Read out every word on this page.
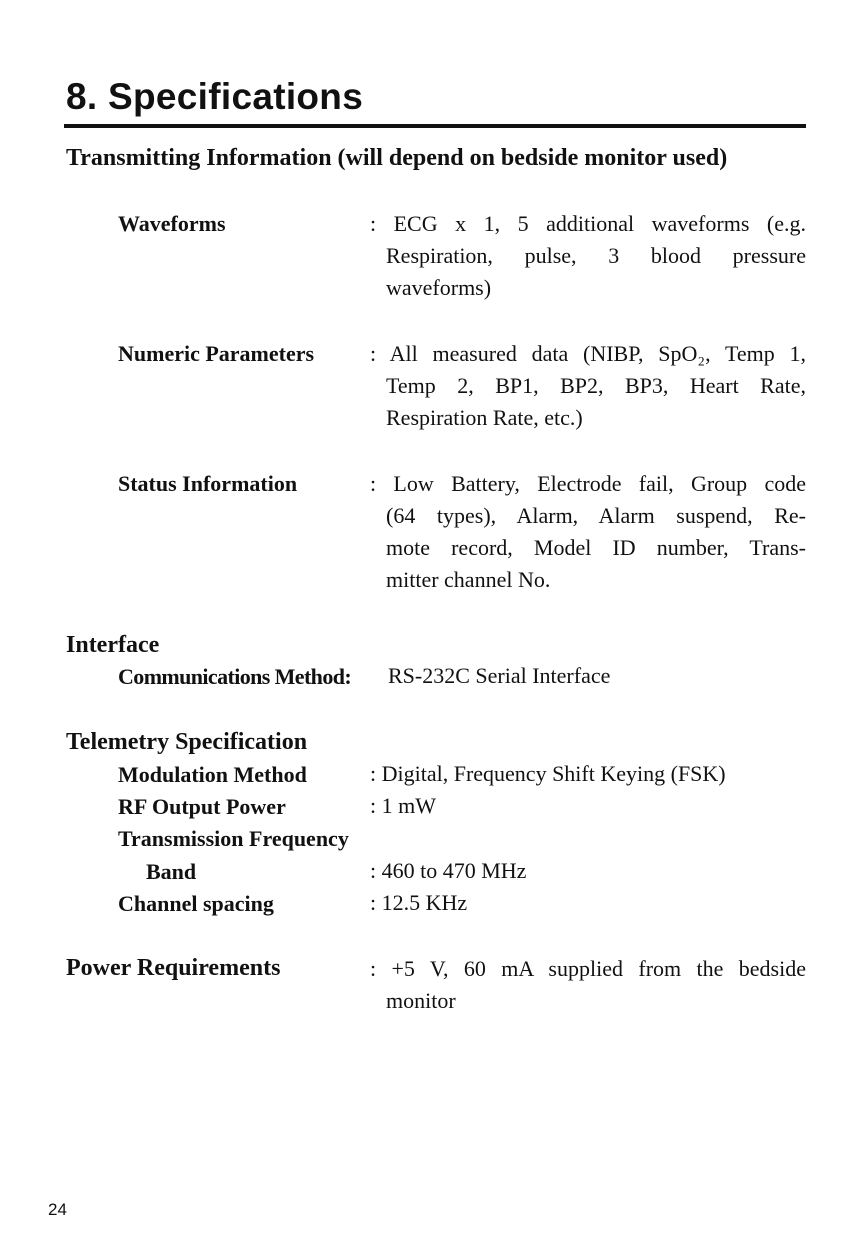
8. Specifications
Transmitting Information (will depend on bedside monitor used)
Waveforms	: ECG x 1, 5 additional waveforms (e.g.
Respiration, pulse, 3 blood pressure
waveforms)
Numeric Parameters	: All measured data (NIBP, SpO₂, Temp 1,
Temp 2, BP1, BP2, BP3, Heart Rate,
Respiration Rate, etc.)
Status Information	: Low Battery, Electrode fail, Group code
(64 types), Alarm, Alarm suspend, Re-
mote record, Model ID number, Trans-
mitter channel No.
Interface
Communications Method: RS-232C Serial Interface
Telemetry Specification
Modulation Method	: Digital, Frequency Shift Keying (FSK)
RF Output Power	: 1 mW
Transmission Frequency
Band	: 460 to 470 MHz
Channel spacing	: 12.5 KHz
Power Requirements	: +5 V, 60 mA supplied from the bedside
monitor
24
